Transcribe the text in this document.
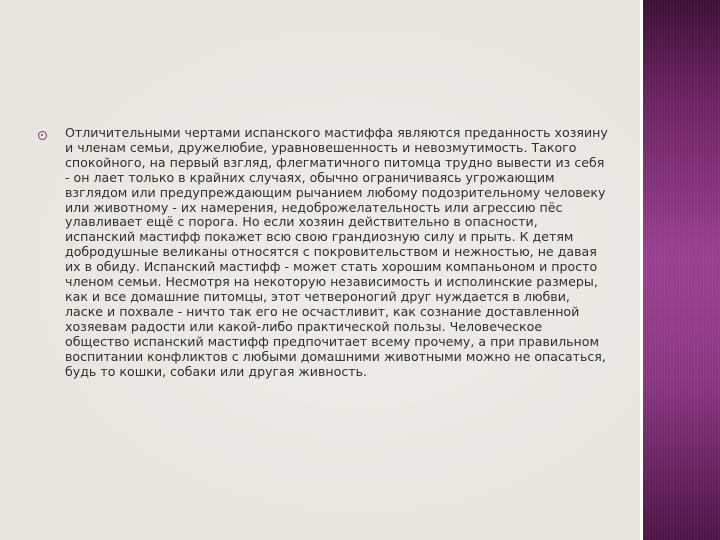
Отличительными чертами испанского мастиффа являются преданность хозяину и членам семьи, дружелюбие, уравновешенность и невозмутимость. Такого спокойного, на первый взгляд, флегматичного питомца трудно вывести из себя - он лает только в крайних случаях, обычно ограничиваясь угрожающим взглядом или предупреждающим рычанием любому подозрительному человеку или животному - их намерения, недоброжелательность или агрессию пёс улавливает ещё с порога. Но если хозяин действительно в опасности, испанский мастифф покажет всю свою грандиозную силу и прыть. К детям добродушные великаны относятся с покровительством и нежностью, не давая их в обиду. Испанский мастифф - может стать хорошим компаньоном и просто членом семьи. Несмотря на некоторую независимость и исполинские размеры, как и все домашние питомцы, этот четвероногий друг нуждается в любви, ласке и похвале - ничто так его не осчастливит, как сознание доставленной хозяевам радости или какой-либо практической пользы. Человеческое общество испанский мастифф предпочитает всему прочему, а при правильном воспитании конфликтов с любыми домашними животными можно не опасаться, будь то кошки, собаки или другая живность.
